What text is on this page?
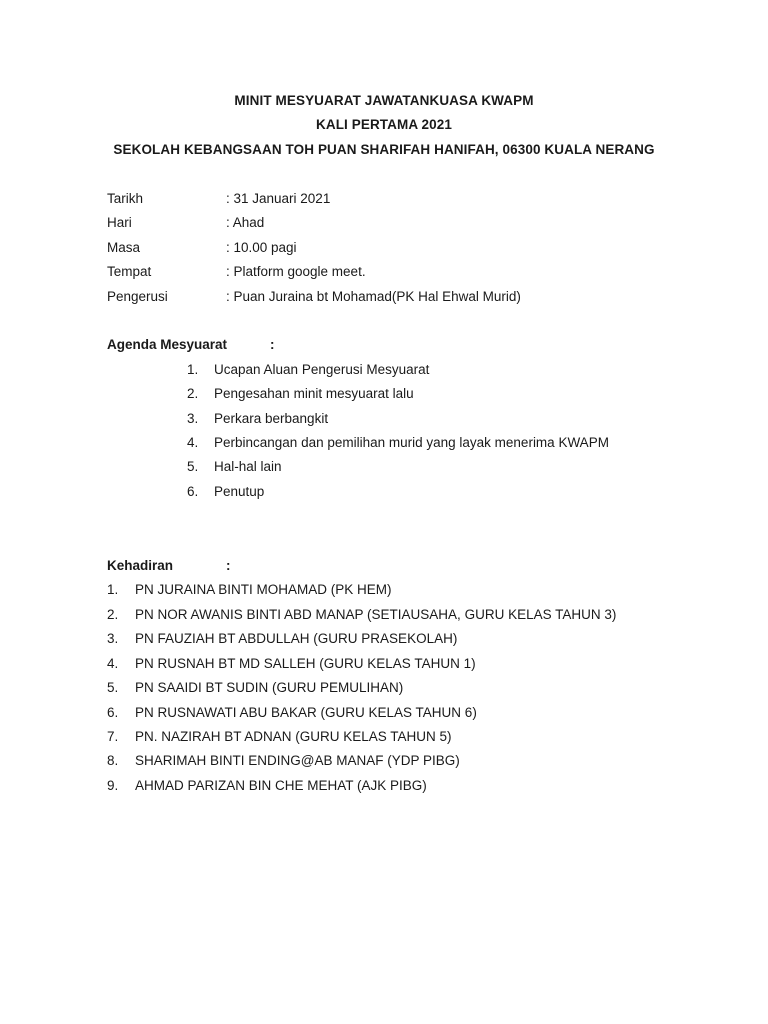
MINIT MESYUARAT JAWATANKUASA KWAPM
KALI PERTAMA 2021
SEKOLAH KEBANGSAAN TOH PUAN SHARIFAH HANIFAH, 06300 KUALA NERANG
Tarikh	: 31 Januari 2021
Hari	: Ahad
Masa	: 10.00 pagi
Tempat	: Platform google meet.
Pengerusi	: Puan Juraina bt Mohamad(PK Hal Ehwal Murid)
Agenda Mesyuarat	:
1. Ucapan Aluan Pengerusi Mesyuarat
2. Pengesahan minit mesyuarat lalu
3. Perkara berbangkit
4. Perbincangan dan pemilihan murid yang layak menerima KWAPM
5. Hal-hal lain
6. Penutup
Kehadiran	:
1. PN JURAINA BINTI MOHAMAD (PK HEM)
2. PN NOR AWANIS BINTI ABD MANAP (SETIAUSAHA, GURU KELAS TAHUN 3)
3. PN FAUZIAH BT ABDULLAH (GURU PRASEKOLAH)
4. PN RUSNAH BT MD SALLEH (GURU KELAS TAHUN 1)
5. PN SAAIDI BT SUDIN (GURU PEMULIHAN)
6. PN RUSNAWATI ABU BAKAR (GURU KELAS TAHUN 6)
7. PN. NAZIRAH BT ADNAN (GURU KELAS TAHUN 5)
8. SHARIMAH BINTI ENDING@AB MANAF (YDP PIBG)
9. AHMAD PARIZAN BIN CHE MEHAT (AJK PIBG)
